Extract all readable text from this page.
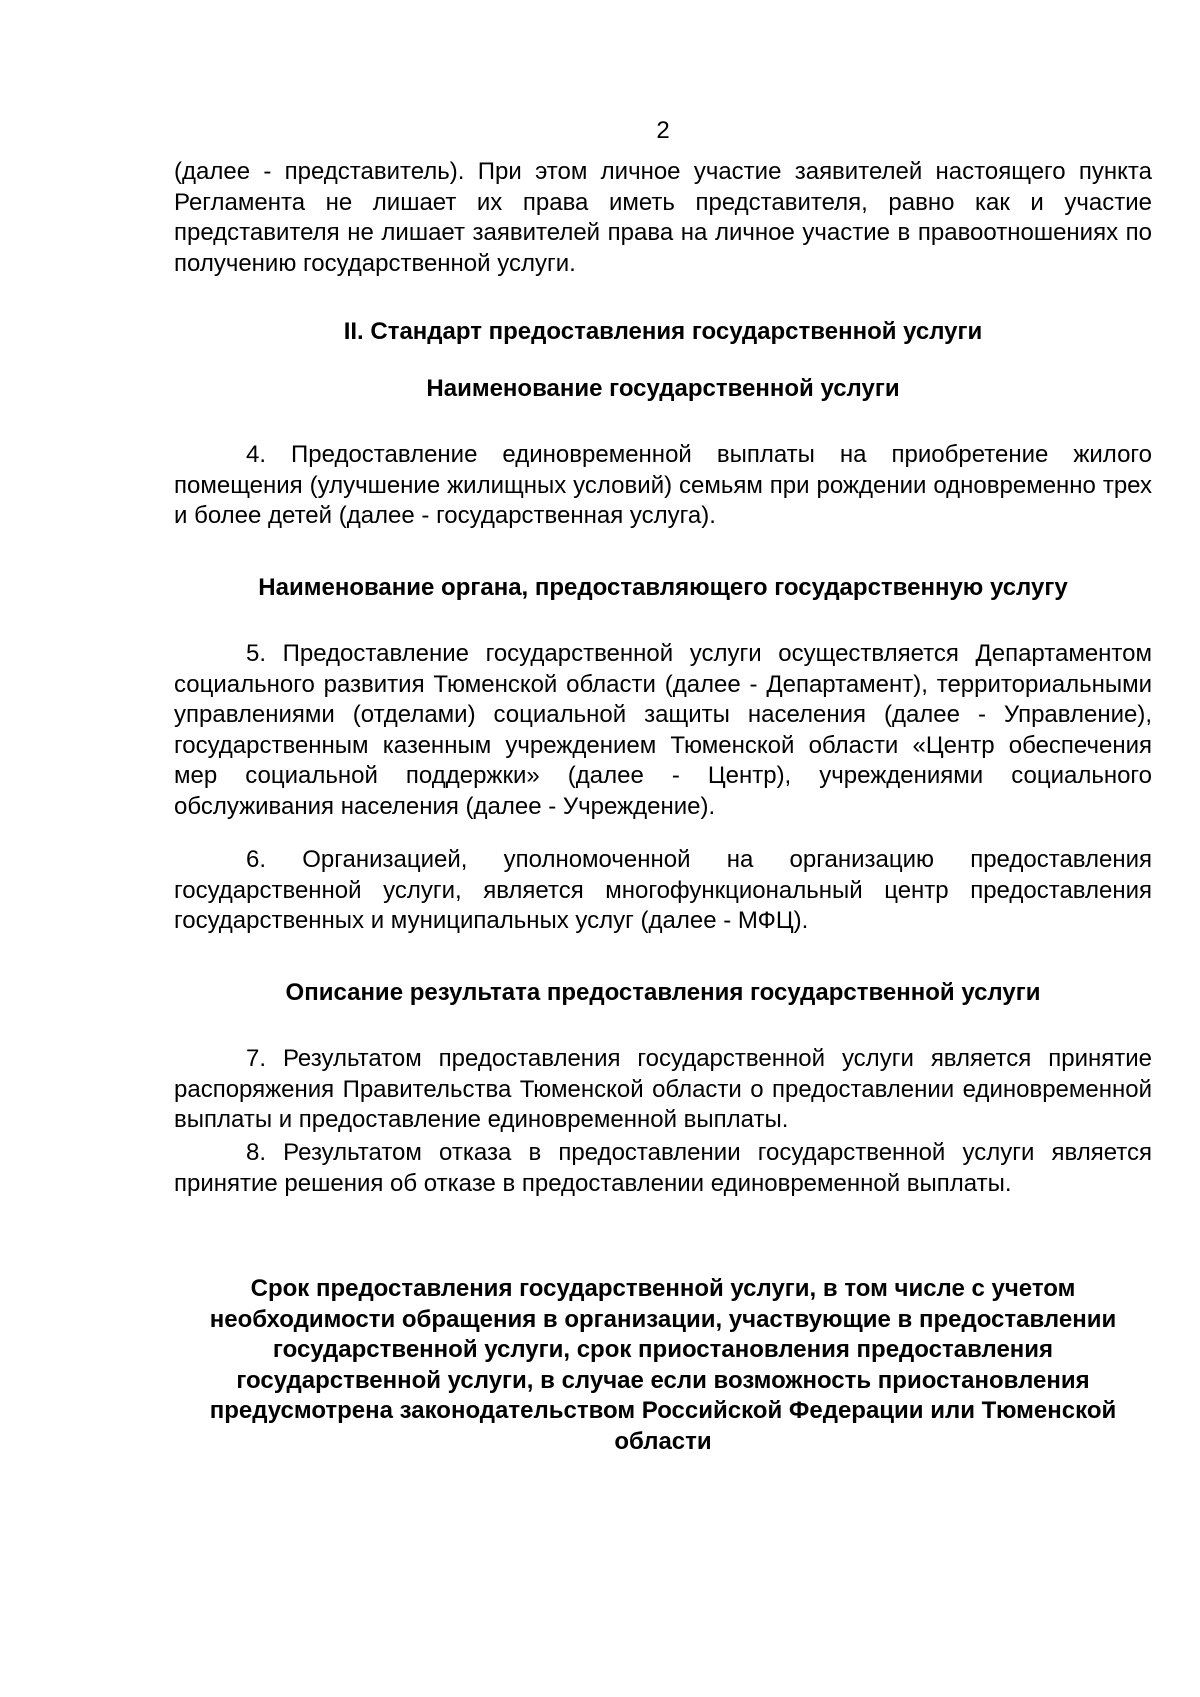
2

(далее - представитель). При этом личное участие заявителей настоящего пункта Регламента не лишает их права иметь представителя, равно как и участие представителя не лишает заявителей права на личное участие в правоотношениях по получению государственной услуги.

II. Стандарт предоставления государственной услуги
Наименование государственной услуги

4. Предоставление единовременной выплаты на приобретение жилого помещения (улучшение жилищных условий) семьям при рождении одновременно трех и более детей (далее - государственная услуга).

Наименование органа, предоставляющего государственную услугу

5. Предоставление государственной услуги осуществляется Департаментом социального развития Тюменской области (далее - Департамент), территориальными управлениями (отделами) социальной защиты населения (далее - Управление), государственным казенным учреждением Тюменской области «Центр обеспечения мер социальной поддержки» (далее - Центр), учреждениями социального обслуживания населения (далее - Учреждение).

6. Организацией, уполномоченной на организацию предоставления государственной услуги, является многофункциональный центр предоставления государственных и муниципальных услуг (далее - МФЦ).

Описание результата предоставления государственной услуги

7. Результатом предоставления государственной услуги является принятие распоряжения Правительства Тюменской области о предоставлении единовременной выплаты и предоставление единовременной выплаты.

8. Результатом отказа в предоставлении государственной услуги является принятие решения об отказе в предоставлении единовременной выплаты.

Срок предоставления государственной услуги, в том числе с учетом необходимости обращения в организации, участвующие в предоставлении государственной услуги, срок приостановления предоставления государственной услуги, в случае если возможность приостановления предусмотрена законодательством Российской Федерации или Тюменской области
